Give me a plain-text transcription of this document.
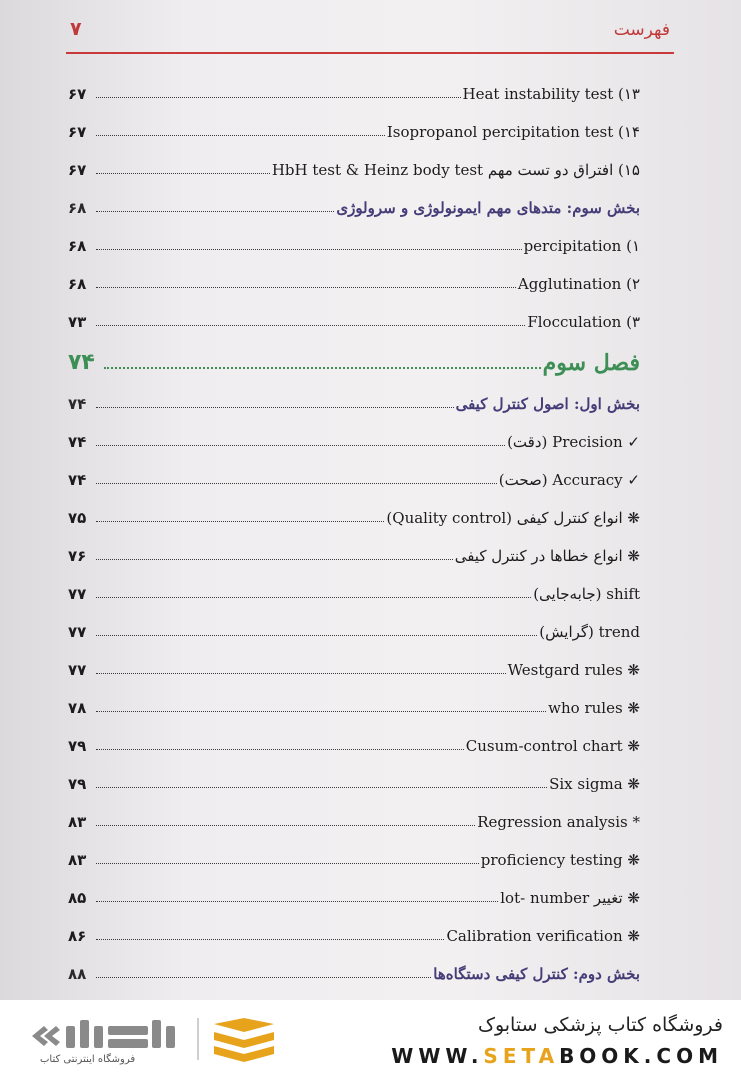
۷	فهرست
۱۳) Heat instability test
۶۷
۱۴) Isopropanol percipitation test
۶۷
۱۵) افتراق دو تست مهم HbH test & Heinz body test
۶۷
بخش سوم: متدهای مهم ایمونولوژی و سرولوژی
۶۸
۱) percipitation
۶۸
۲) Agglutination
۶۸
۳) Flocculation
۷۳
فصل سوم
۷۴
بخش اول: اصول کنترل کیفی
۷۴
✓ Precision (دقت)
۷۴
✓ Accuracy (صحت)
۷۴
❋ انواع کنترل کیفی (Quality control)
۷۵
❋ انواع خطاها در کنترل کیفی
۷۶
shift (جابه‌جایی)
۷۷
trend (گرایش)
۷۷
❋ Westgard rules
۷۷
❋ who rules
۷۸
❋ Cusum-control chart
۷۹
❋ Six sigma
۷۹
* Regression analysis
۸۳
❋ proficiency testing
۸۳
❋ تغییر lot- number
۸۵
❋ Calibration verification
۸۶
بخش دوم: کنترل کیفی دستگاه‌ها
۸۸
فروشگاه اینترنتی کتاب
فروشگاه کتاب پزشکی ستابوک
WWW.SETABOOK.COM
